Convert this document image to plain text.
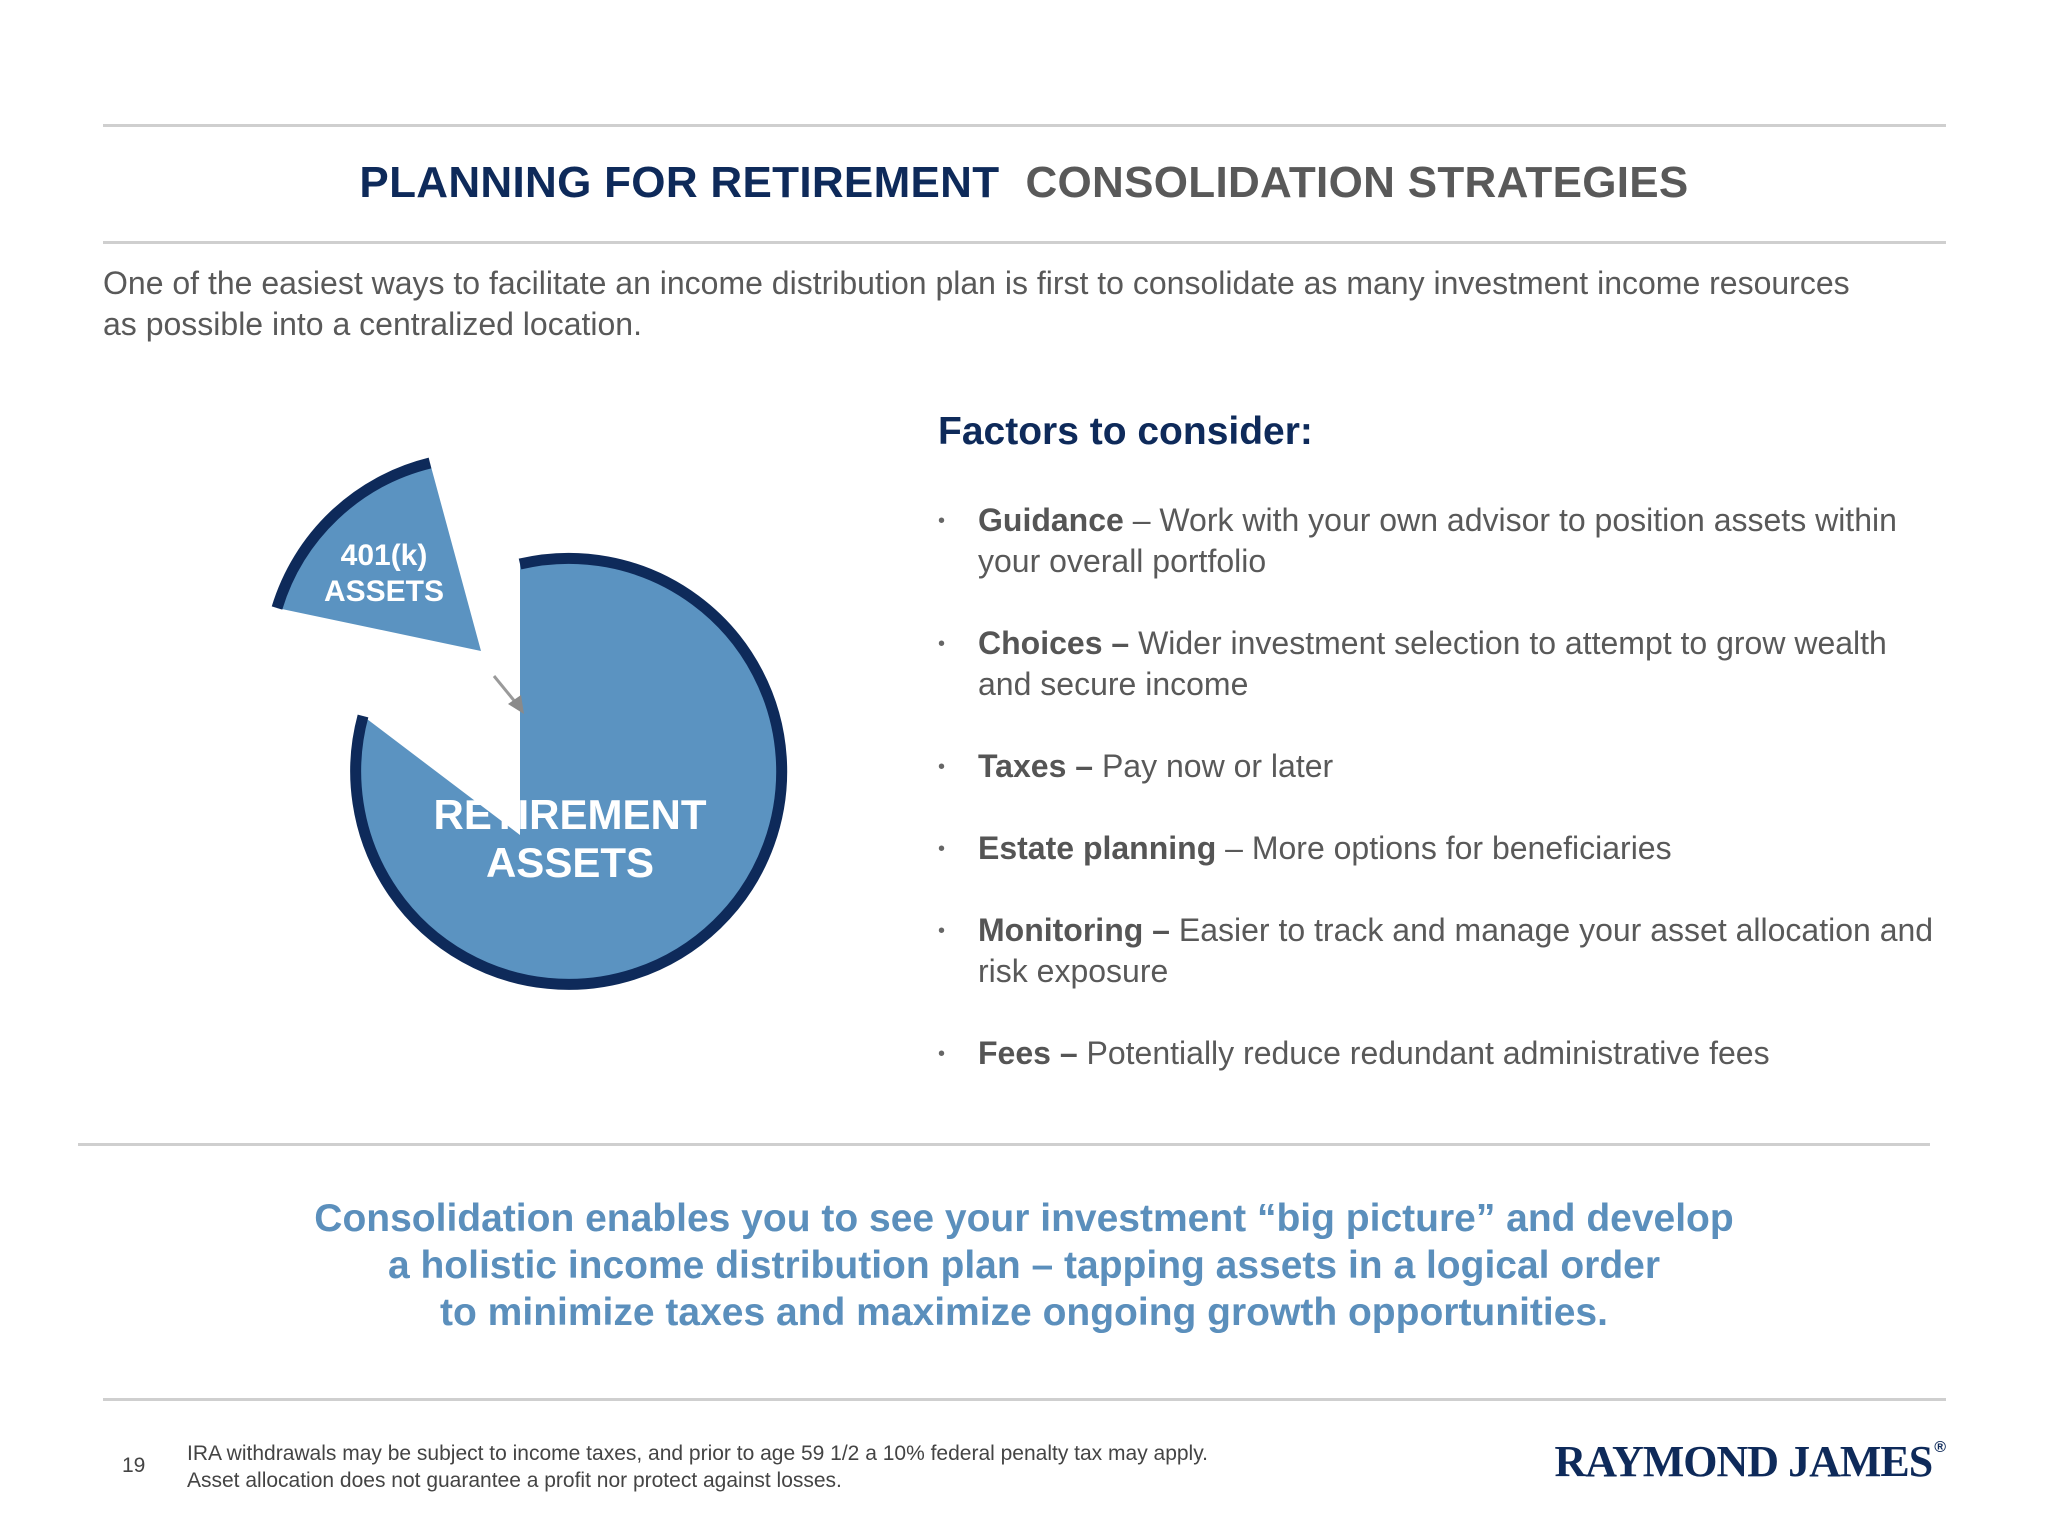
PLANNING FOR RETIREMENT CONSOLIDATION STRATEGIES
One of the easiest ways to facilitate an income distribution plan is first to consolidate as many investment income resources as possible into a centralized location.
401(k)
ASSETS
RETIREMENT
ASSETS
Factors to consider:
• Guidance – Work with your own advisor to position assets within your overall portfolio
• Choices – Wider investment selection to attempt to grow wealth and secure income
• Taxes – Pay now or later
• Estate planning – More options for beneficiaries
• Monitoring – Easier to track and manage your asset allocation and risk exposure
• Fees – Potentially reduce redundant administrative fees
Consolidation enables you to see your investment “big picture” and develop
a holistic income distribution plan – tapping assets in a logical order
to minimize taxes and maximize ongoing growth opportunities.
19
IRA withdrawals may be subject to income taxes, and prior to age 59 1/2 a 10% federal penalty tax may apply.
Asset allocation does not guarantee a profit nor protect against losses.	RAYMOND JAMES ®
